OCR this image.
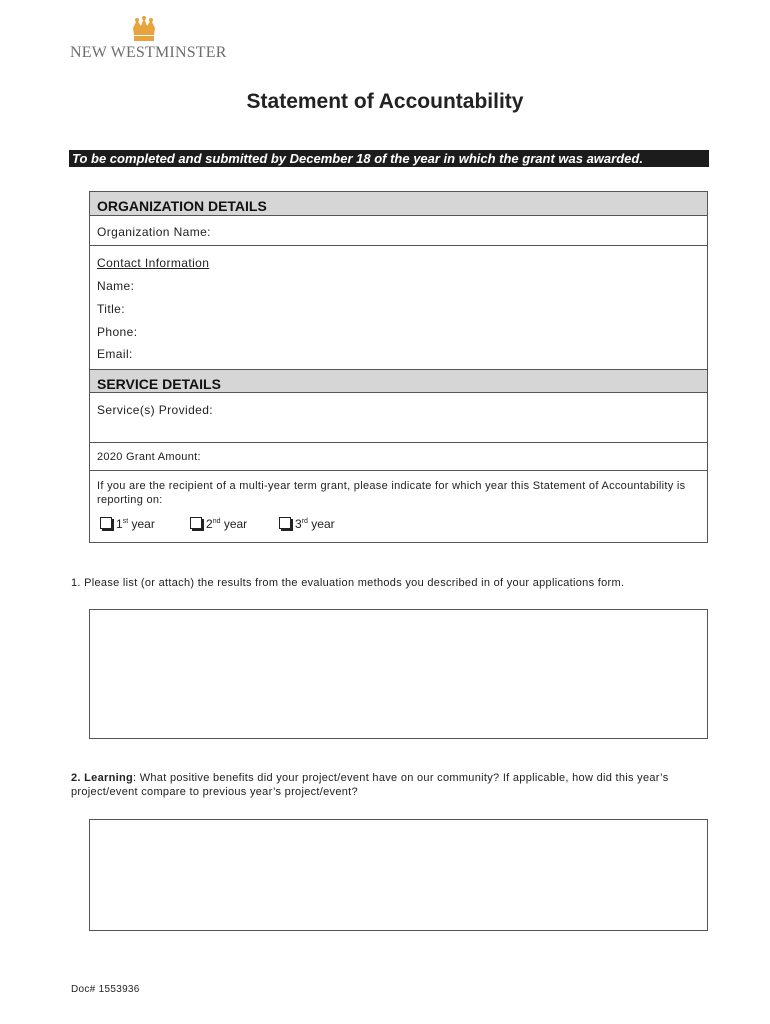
NEW WESTMINSTER
Statement of Accountability
To be completed and submitted by December 18 of the year in which the grant was awarded.
ORGANIZATION DETAILS
Organization Name:
Contact Information
Name:
Title:
Phone:
Email:
SERVICE DETAILS
Service(s) Provided:
2020 Grant Amount:
If you are the recipient of a multi-year term grant, please indicate for which year this Statement of Accountability is reporting on:
1st year	2nd year	3rd year
1. Please list (or attach) the results from the evaluation methods you described in of your applications form.
2. Learning: What positive benefits did your project/event have on our community? If applicable, how did this year’s project/event compare to previous year’s project/event?
Doc# 1553936
